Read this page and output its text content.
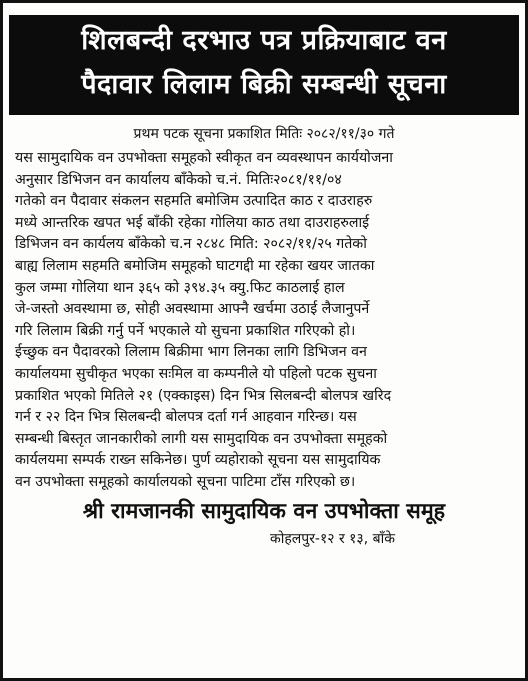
शिलबन्दी दरभाउ पत्र प्रक्रियाबाट वन
पैदावार लिलाम बिक्री सम्बन्धी सूचना
प्रथम पटक सूचना प्रकाशित मितिः २०८२/११/३० गते
यस सामुदायिक वन उपभोक्ता समूहको स्वीकृत वन व्यवस्थापन कार्ययोजना
अनुसार डिभिजन वन कार्यालय बाँकेको च.नं. मितिः२०८१/११/०४
गतेको वन पैदावार संकलन सहमति बमोजिम उत्पादित काठ र दाउराहरु
मध्ये आन्तरिक खपत भई बाँकी रहेका गोलिया काठ तथा दाउराहरुलाई
डिभिजन वन कार्यलय बाँकेको च.न २८४८ मिति: २०८२/११/२५ गतेको
बाह्य लिलाम सहमति बमोजिम समूहको घाटगद्दी मा रहेका खयर जातका
कुल जम्मा गोलिया थान ३६५ को ३९४.३५ क्यु.फिट काठलाई हाल
जे-जस्तो अवस्थामा छ, सोही अवस्थामा आफ्नै खर्चमा उठाई लैजानुपर्ने
गरि लिलाम बिक्री गर्नु पर्ने भएकाले यो सुचना प्रकाशित गरिएको हो।
ईच्छुक वन पैदावरको लिलाम बिक्रीमा भाग लिनका लागि डिभिजन वन
कार्यालयमा सुचीकृत भएका सःमिल वा कम्पनीले यो पहिलो पटक सुचना
प्रकाशित भएको मितिले २१ (एक्काइस) दिन भित्र सिलबन्दी बोलपत्र खरिद
गर्न र २२ दिन भित्र सिलबन्दी बोलपत्र दर्ता गर्न आहवान गरिन्छ। यस
सम्बन्धी बिस्तृत जानकारीको लागी यस सामुदायिक वन उपभोक्ता समूहको
कार्यलयमा सम्पर्क राख्न सकिनेछ। पुर्ण व्यहोराको सूचना यस सामुदायिक
वन उपभोक्ता समूहको कार्यालयको सूचना पाटिमा टाँस गरिएको छ।
श्री रामजानकी सामुदायिक वन उपभोक्ता समूह
कोहलपुर-१२ र १३, बाँके
